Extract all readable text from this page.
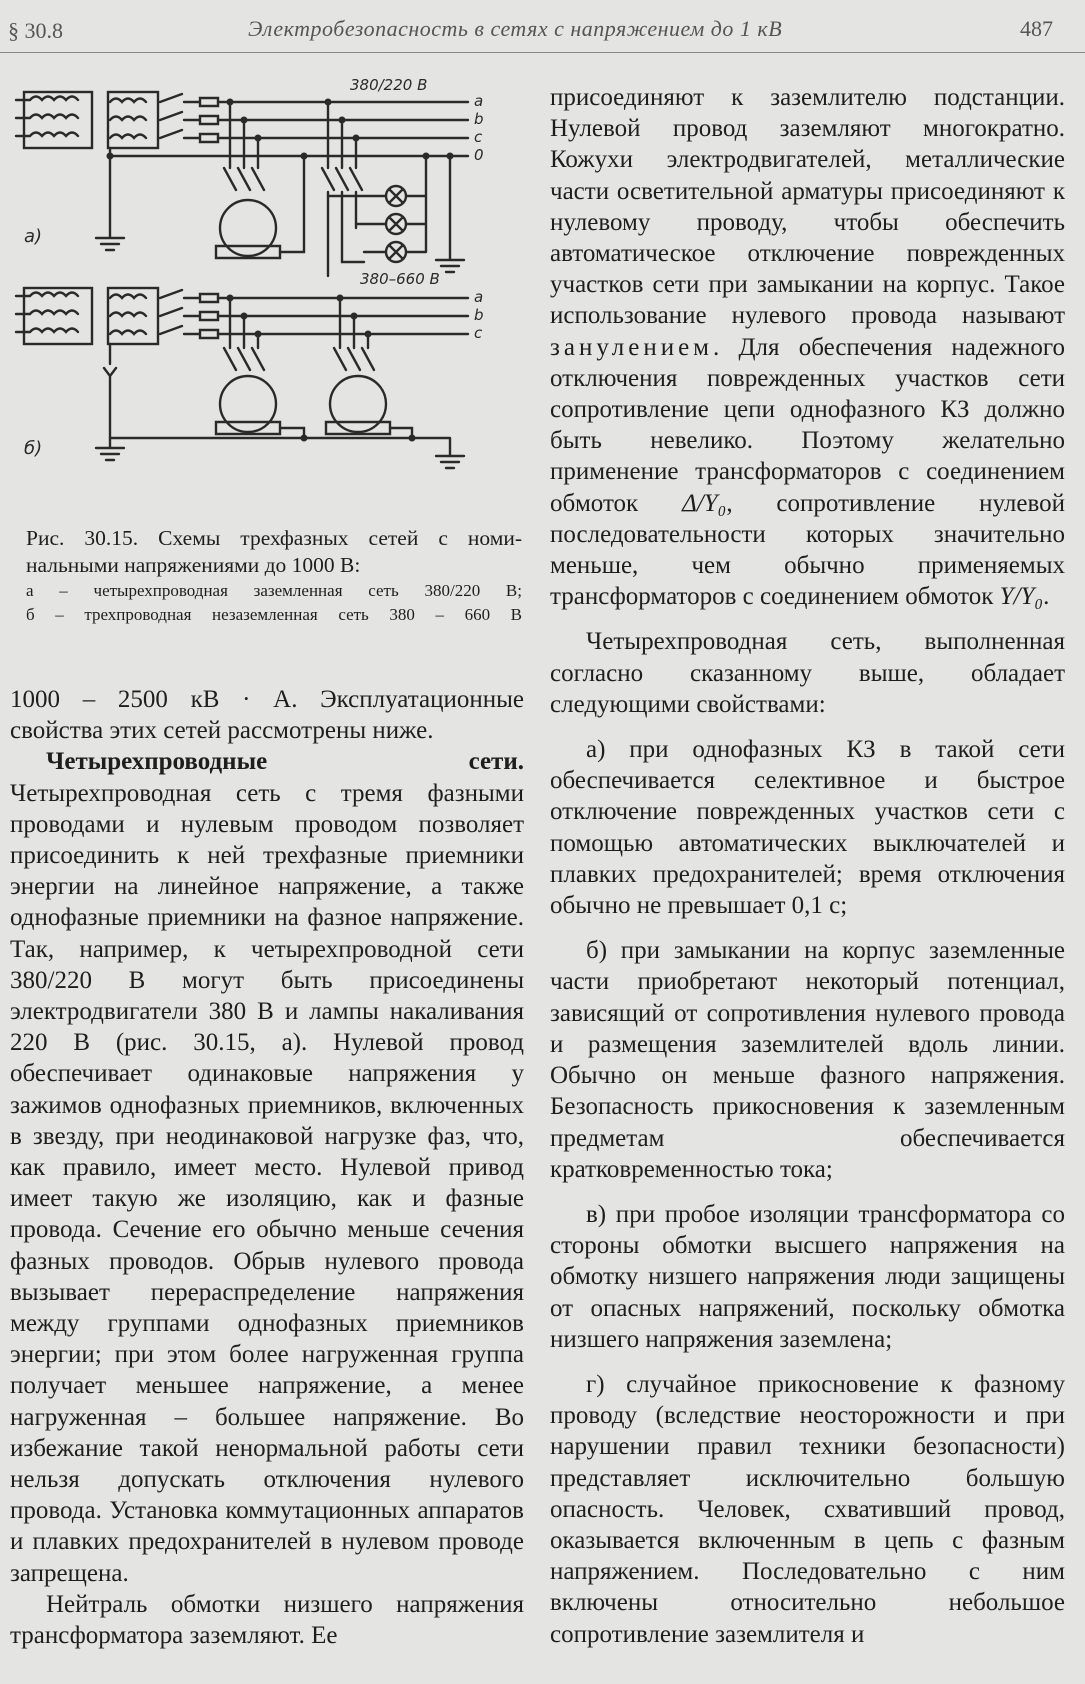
§ 30.8	Электробезопасность в сетях с напряжением до 1 кВ	487
380/220 В
a
b
c
0
а)
380–660 В
a
b
c
б)
Рис. 30.15. Схемы трехфазных сетей с номи-
нальными напряжениями до 1000 В:
а – четырехпроводная заземленная сеть 380/220 В;
б – трехпроводная незаземленная сеть 380 – 660 В

1000 – 2500 кВ · А. Эксплуатационные свойства этих сетей рассмотрены ниже.

Четырехпроводные сети. Четырехпроводная сеть с тремя фазными проводами и нулевым проводом позволяет присоединить к ней трехфазные приемники энергии на линейное напряжение, а также однофазные приемники на фазное напряжение. Так, например, к четырехпроводной сети 380/220 В могут быть присоединены электродвигатели 380 В и лампы накаливания 220 В (рис. 30.15, а). Нулевой провод обеспечивает одинаковые напряжения у зажимов однофазных приемников, включенных в звезду, при неодинаковой нагрузке фаз, что, как правило, имеет место. Нулевой привод имеет такую же изоляцию, как и фазные провода. Сечение его обычно меньше сечения фазных проводов. Обрыв нулевого провода вызывает перераспределение напряжения между группами однофазных приемников энергии; при этом более нагруженная группа получает меньшее напряжение, а менее нагруженная – большее напряжение. Во избежание такой ненормальной работы сети нельзя допускать отключения нулевого провода. Установка коммутационных аппаратов и плавких предохранителей в нулевом проводе запрещена.

Нейтраль обмотки низшего напряжения трансформатора заземляют. Ее

присоединяют к заземлителю подстанции. Нулевой провод заземляют многократно. Кожухи электродвигателей, металлические части осветительной арматуры присоединяют к нулевому проводу, чтобы обеспечить автоматическое отключение поврежденных участков сети при замыкании на корпус. Такое использование нулевого провода называют занулением. Для обеспечения надежного отключения поврежденных участков сети сопротивление цепи однофазного КЗ должно быть невелико. Поэтому желательно применение трансформаторов с соединением обмоток Δ/Y₀, сопротивление нулевой последовательности которых значительно меньше, чем обычно применяемых трансформаторов с соединением обмоток Y/Y₀.

Четырехпроводная сеть, выполненная согласно сказанному выше, обладает следующими свойствами:

а) при однофазных КЗ в такой сети обеспечивается селективное и быстрое отключение поврежденных участков сети с помощью автоматических выключателей и плавких предохранителей; время отключения обычно не превышает 0,1 с;

б) при замыкании на корпус заземленные части приобретают некоторый потенциал, зависящий от сопротивления нулевого провода и размещения заземлителей вдоль линии. Обычно он меньше фазного напряжения. Безопасность прикосновения к заземленным предметам обеспечивается кратковременностью тока;

в) при пробое изоляции трансформатора со стороны обмотки высшего напряжения на обмотку низшего напряжения люди защищены от опасных напряжений, поскольку обмотка низшего напряжения заземлена;

г) случайное прикосновение к фазному проводу (вследствие неосторожности и при нарушении правил техники безопасности) представляет исключительно большую опасность. Человек, схвативший провод, оказывается включенным в цепь с фазным напряжением. Последовательно с ним включены относительно небольшое сопротивление заземлителя и
